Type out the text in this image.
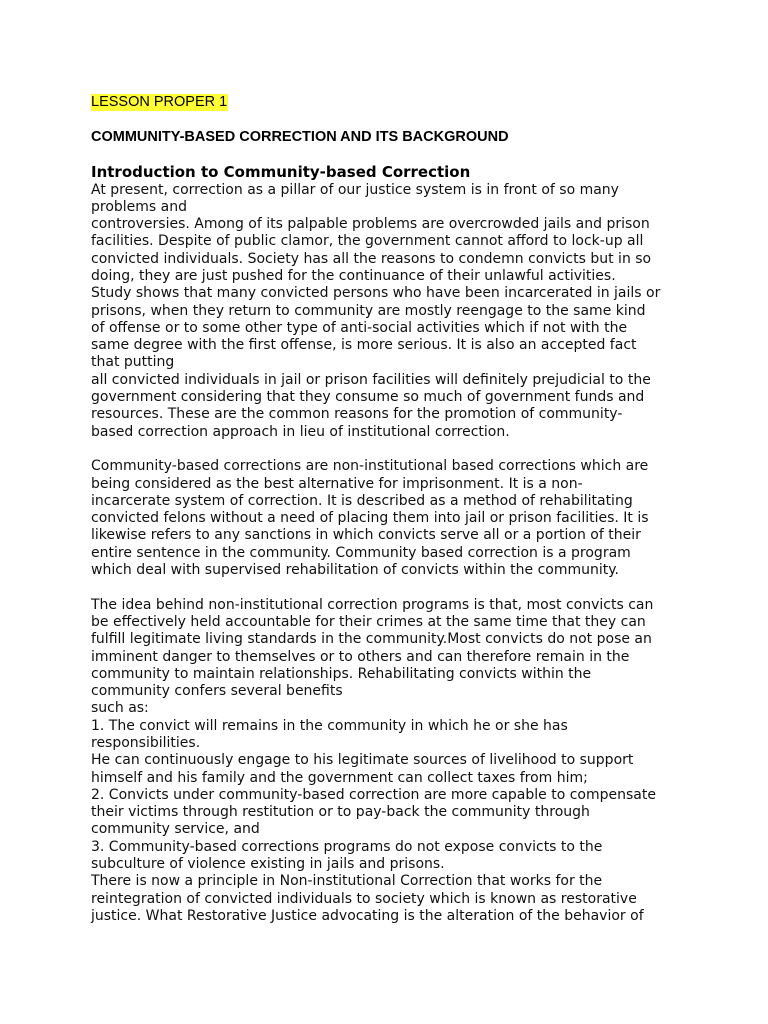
LESSON PROPER 1
COMMUNITY-BASED CORRECTION AND ITS BACKGROUND
Introduction to Community-based Correction
At present, correction as a pillar of our justice system is in front of so many
problems and
controversies. Among of its palpable problems are overcrowded jails and prison
facilities. Despite of public clamor, the government cannot afford to lock-up all
convicted individuals. Society has all the reasons to condemn convicts but in so
doing, they are just pushed for the continuance of their unlawful activities.
Study shows that many convicted persons who have been incarcerated in jails or
prisons, when they return to community are mostly reengage to the same kind
of offense or to some other type of anti-social activities which if not with the
same degree with the first offense, is more serious. It is also an accepted fact
that putting
all convicted individuals in jail or prison facilities will definitely prejudicial to the
government considering that they consume so much of government funds and
resources. These are the common reasons for the promotion of community-
based correction approach in lieu of institutional correction.
Community-based corrections are non-institutional based corrections which are
being considered as the best alternative for imprisonment. It is a non-
incarcerate system of correction. It is described as a method of rehabilitating
convicted felons without a need of placing them into jail or prison facilities. It is
likewise refers to any sanctions in which convicts serve all or a portion of their
entire sentence in the community. Community based correction is a program
which deal with supervised rehabilitation of convicts within the community.
The idea behind non-institutional correction programs is that, most convicts can
be effectively held accountable for their crimes at the same time that they can
fulfill legitimate living standards in the community.Most convicts do not pose an
imminent danger to themselves or to others and can therefore remain in the
community to maintain relationships. Rehabilitating convicts within the
community confers several benefits
such as:
1. The convict will remains in the community in which he or she has
responsibilities.
He can continuously engage to his legitimate sources of livelihood to support
himself and his family and the government can collect taxes from him;
2. Convicts under community-based correction are more capable to compensate
their victims through restitution or to pay-back the community through
community service, and
3. Community-based corrections programs do not expose convicts to the
subculture of violence existing in jails and prisons.
There is now a principle in Non-institutional Correction that works for the
reintegration of convicted individuals to society which is known as restorative
justice. What Restorative Justice advocating is the alteration of the behavior of
